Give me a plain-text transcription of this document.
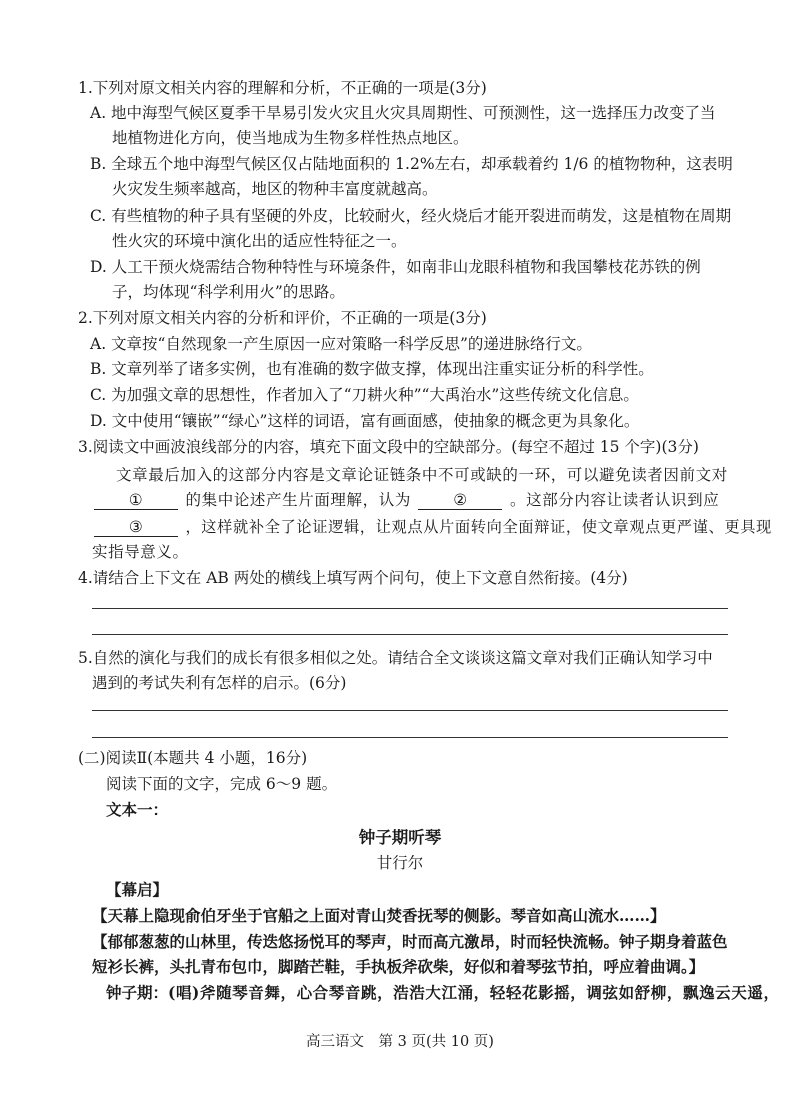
1.下列对原文相关内容的理解和分析，不正确的一项是(3分)
A. 地中海型气候区夏季干旱易引发火灾且火灾具周期性、可预测性，这一选择压力改变了当
地植物进化方向，使当地成为生物多样性热点地区。
B. 全球五个地中海型气候区仅占陆地面积的 1.2%左右，却承载着约 1/6 的植物物种，这表明
火灾发生频率越高，地区的物种丰富度就越高。
C. 有些植物的种子具有坚硬的外皮，比较耐火，经火烧后才能开裂进而萌发，这是植物在周期
性火灾的环境中演化出的适应性特征之一。
D. 人工干预火烧需结合物种特性与环境条件，如南非山龙眼科植物和我国攀枝花苏铁的例
子，均体现“科学利用火”的思路。
2.下列对原文相关内容的分析和评价，不正确的一项是(3分)
A. 文章按“自然现象一产生原因一应对策略一科学反思”的递进脉络行文。
B. 文章列举了诸多实例，也有准确的数字做支撑，体现出注重实证分析的科学性。
C. 为加强文章的思想性，作者加入了“刀耕火种”“大禹治水”这些传统文化信息。
D. 文中使用“镶嵌”“绿心”这样的词语，富有画面感，使抽象的概念更为具象化。
3.阅读文中画波浪线部分的内容，填充下面文段中的空缺部分。(每空不超过 15 个字)(3分)
文章最后加入的这部分内容是文章论证链条中不可或缺的一环，可以避免读者因前文对
①	的集中论述产生片面理解，认为	②	。这部分内容让读者认识到应
③	，这样就补全了论证逻辑，让观点从片面转向全面辩证，使文章观点更严谨、更具现
实指导意义。
4.请结合上下文在 AB 两处的横线上填写两个问句，使上下文意自然衔接。(4分)
5.自然的演化与我们的成长有很多相似之处。请结合全文谈谈这篇文章对我们正确认知学习中
遇到的考试失利有怎样的启示。(6分)
(二)阅读Ⅱ(本题共 4 小题，16分)
阅读下面的文字，完成 6～9 题。
文本一：
钟子期听琴
甘行尔
【幕启】
【天幕上隐现俞伯牙坐于官船之上面对青山焚香抚琴的侧影。琴音如高山流水……】
【郁郁葱葱的山林里，传迭悠扬悦耳的琴声，时而高亢激昂，时而轻快流畅。钟子期身着蓝色
短衫长裤，头扎青布包巾，脚踏芒鞋，手执板斧砍柴，好似和着琴弦节拍，呼应着曲调。】
钟子期：(唱)斧随琴音舞，心合琴音跳，浩浩大江涌，轻轻花影摇，调弦如舒柳，飘逸云天遥，
高三语文　第 3 页(共 10 页)
